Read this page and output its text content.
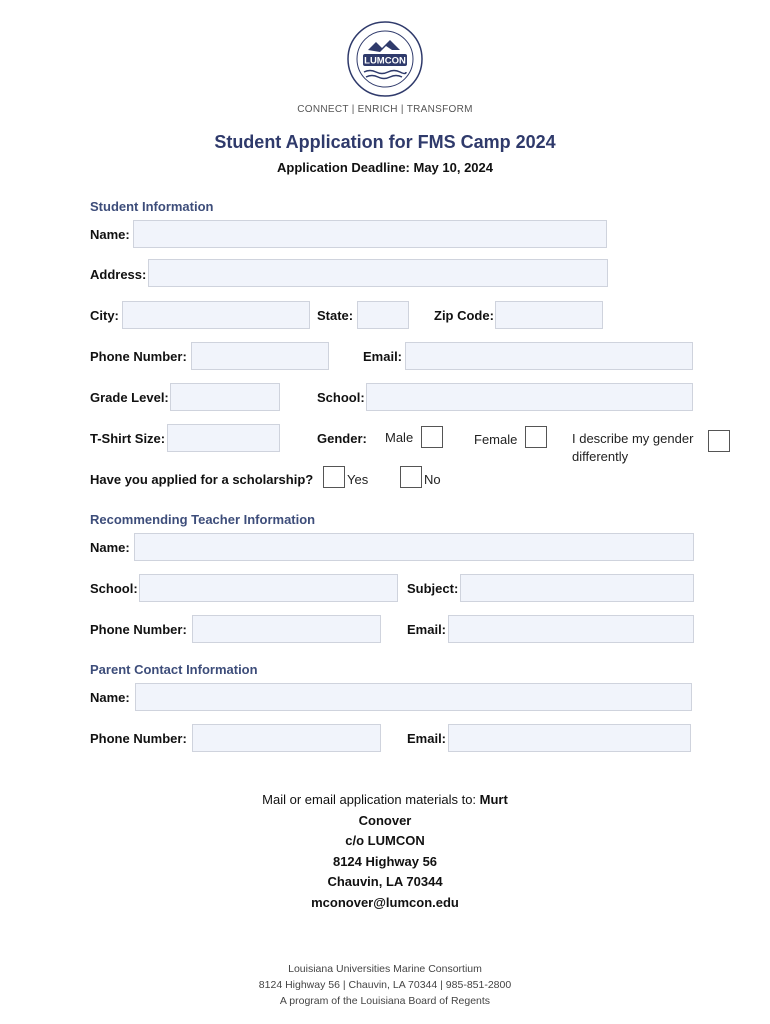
LUMCON
CONNECT | ENRICH | TRANSFORM
Student Application for FMS Camp 2024
Application Deadline: May 10, 2024
Student Information
Name:
Address:
City:	State:	Zip Code:
Phone Number:	Email:
Grade Level:	School:
T-Shirt Size:	Gender: Male	Female	I describe my gender
differently
Have you applied for a scholarship?	Yes	No
Recommending Teacher Information
Name:
School:	Subject:
Phone Number:	Email:
Parent Contact Information
Name:
Phone Number:	Email:
Mail or email application materials to: Murt
Conover
c/o LUMCON
8124 Highway 56
Chauvin, LA 70344
mconover@lumcon.edu
Louisiana Universities Marine Consortium
8124 Highway 56 | Chauvin, LA 70344 | 985-851-2800
A program of the Louisiana Board of Regents
